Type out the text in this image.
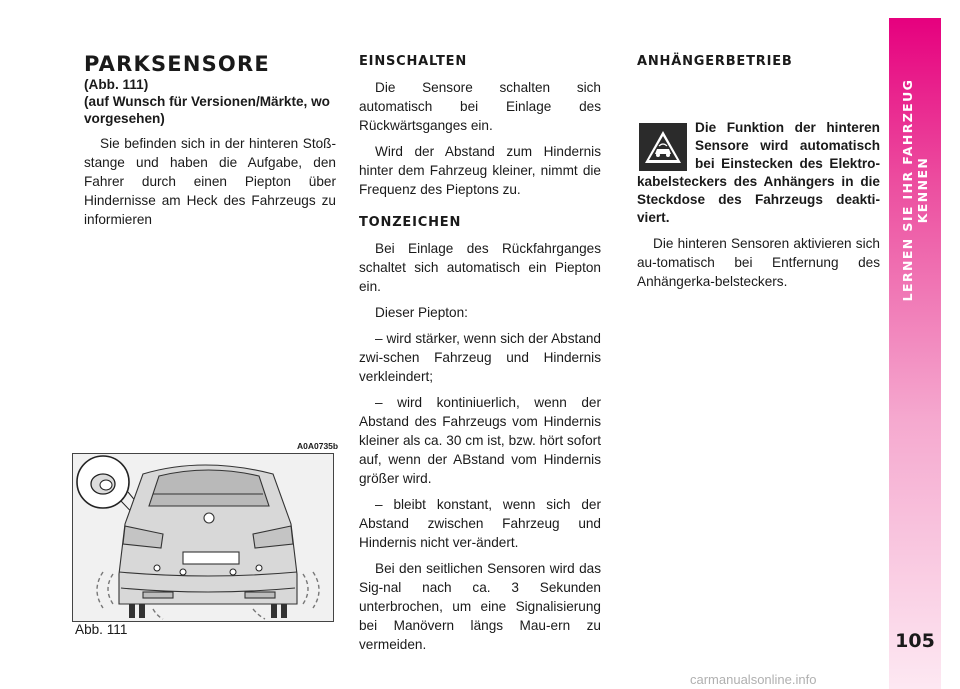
PARKSENSORE
(Abb. 111)
(auf Wunsch für Versionen/Märkte, wo vorgesehen)

Sie befinden sich in der hinteren Stoß-stange und haben die Aufgabe, den Fahrer durch einen Piepton über Hindernisse am Heck des Fahrzeugs zu informieren

EINSCHALTEN

Die Sensore schalten sich automatisch bei Einlage des Rückwärtsganges ein.

Wird der Abstand zum Hindernis hinter dem Fahrzeug kleiner, nimmt die Frequenz des Pieptons zu.

TONZEICHEN

Bei Einlage des Rückfahrganges schaltet sich automatisch ein Piepton ein.

Dieser Piepton:

– wird stärker, wenn sich der Abstand zwi-schen Fahrzeug und Hindernis verkleindert;

– wird kontiniuerlich, wenn der Abstand des Fahrzeugs vom Hindernis kleiner als ca. 30 cm ist, bzw. hört sofort auf, wenn der ABstand vom Hindernis größer wird.

– bleibt konstant, wenn sich der Abstand zwischen Fahrzeug und Hindernis nicht ver-ändert.

Bei den seitlichen Sensoren wird das Sig-nal nach ca. 3 Sekunden unterbrochen, um eine Signalisierung bei Manövern längs Mau-ern zu vermeiden.

ANHÄNGERBETRIEB
Die Funktion der hinteren Sensore wird automatisch bei Einstecken des Elektro- kabelsteckers des Anhängers in die Steckdose des Fahrzeugs deakti-viert.

Die hinteren Sensoren aktivieren sich au-tomatisch bei Entfernung des Anhängerka-belsteckers.

A0A0735b
Abb. 111
LERNEN SIE IHR FAHRZEUG KENNEN
105
carmanualsonline.info
